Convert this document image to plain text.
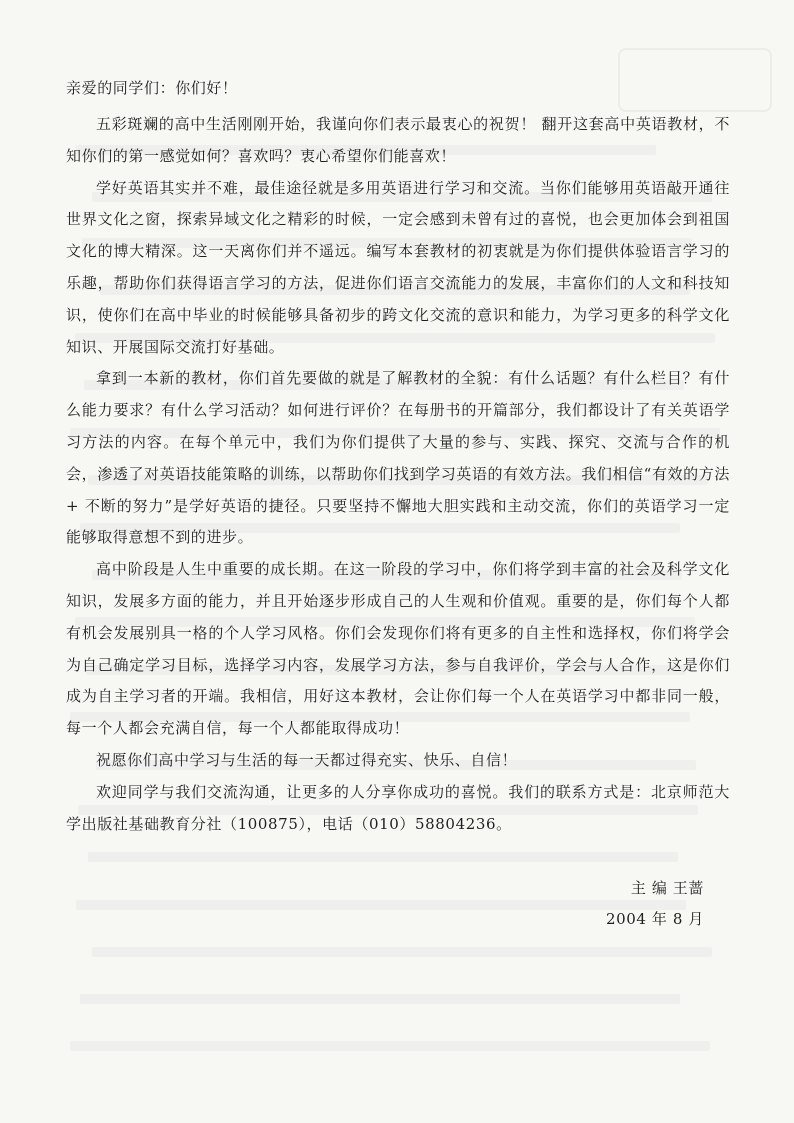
亲爱的同学们：你们好！

五彩斑斓的高中生活刚刚开始，我谨向你们表示最衷心的祝贺！ 翻开这套高中英语教材，不知你们的第一感觉如何？喜欢吗？衷心希望你们能喜欢！

学好英语其实并不难，最佳途径就是多用英语进行学习和交流。当你们能够用英语敲开通往世界文化之窗，探索异域文化之精彩的时候，一定会感到未曾有过的喜悦，也会更加体会到祖国文化的博大精深。这一天离你们并不遥远。编写本套教材的初衷就是为你们提供体验语言学习的乐趣，帮助你们获得语言学习的方法，促进你们语言交流能力的发展，丰富你们的人文和科技知识，使你们在高中毕业的时候能够具备初步的跨文化交流的意识和能力，为学习更多的科学文化知识、开展国际交流打好基础。

拿到一本新的教材，你们首先要做的就是了解教材的全貌：有什么话题？有什么栏目？有什么能力要求？有什么学习活动？如何进行评价？在每册书的开篇部分，我们都设计了有关英语学习方法的内容。在每个单元中，我们为你们提供了大量的参与、实践、探究、交流与合作的机会，渗透了对英语技能策略的训练，以帮助你们找到学习英语的有效方法。我们相信“有效的方法 + 不断的努力”是学好英语的捷径。只要坚持不懈地大胆实践和主动交流，你们的英语学习一定能够取得意想不到的进步。

高中阶段是人生中重要的成长期。在这一阶段的学习中，你们将学到丰富的社会及科学文化知识，发展多方面的能力，并且开始逐步形成自己的人生观和价值观。重要的是，你们每个人都有机会发展别具一格的个人学习风格。你们会发现你们将有更多的自主性和选择权，你们将学会为自己确定学习目标，选择学习内容，发展学习方法，参与自我评价，学会与人合作，这是你们成为自主学习者的开端。我相信，用好这本教材，会让你们每一个人在英语学习中都非同一般，每一个人都会充满自信，每一个人都能取得成功！

祝愿你们高中学习与生活的每一天都过得充实、快乐、自信！

欢迎同学与我们交流沟通，让更多的人分享你成功的喜悦。我们的联系方式是：北京师范大学出版社基础教育分社（100875），电话（010）58804236。

主 编 王蔷
2004 年 8 月
